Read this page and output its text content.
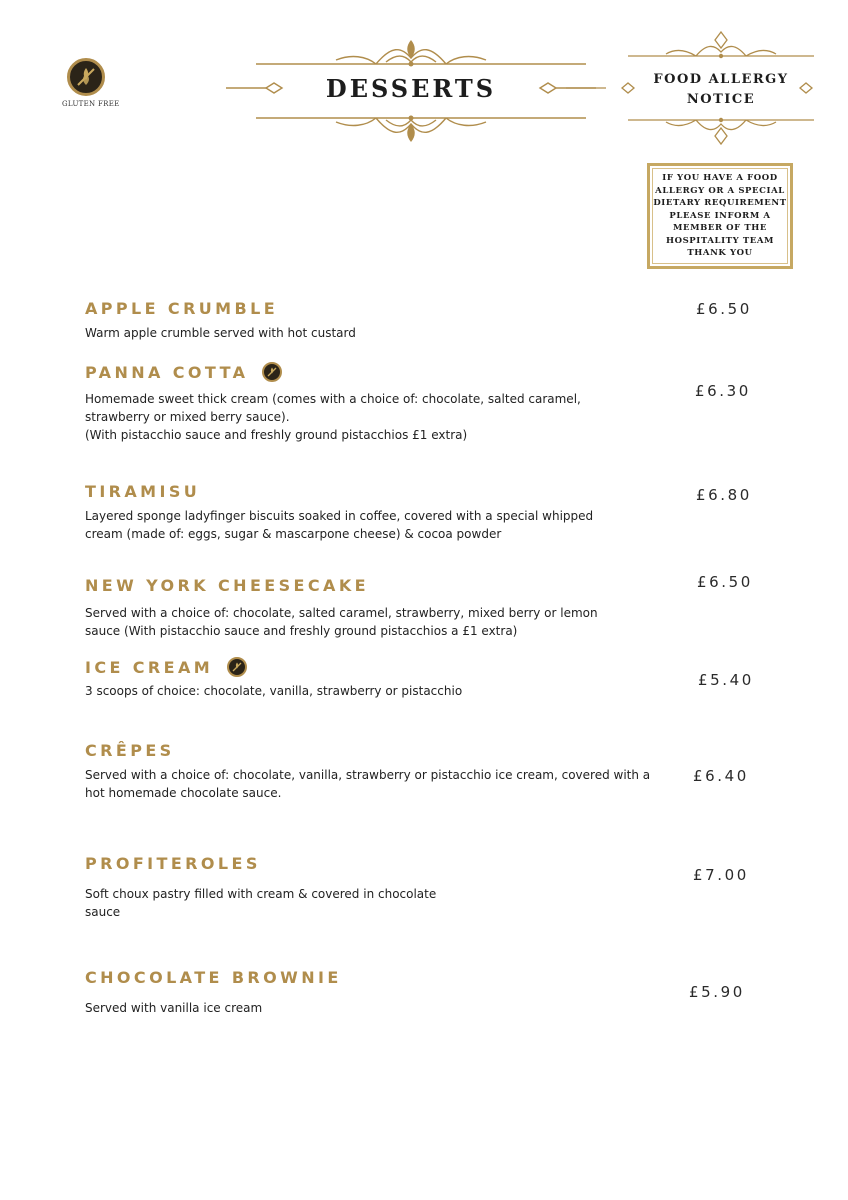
GLUTEN FREE
DESSERTS	FOOD ALLERGY
NOTICE
IF YOU HAVE A FOOD
ALLERGY OR A SPECIAL
DIETARY REQUIREMENT
PLEASE INFORM A
MEMBER OF THE
HOSPITALITY TEAM
THANK YOU
APPLE CRUMBLE
Warm apple crumble served with hot custard
£6.50
PANNA COTTA
Homemade sweet thick cream (comes with a choice of: chocolate, salted caramel,
strawberry or mixed berry sauce).
(With pistacchio sauce and freshly ground pistacchios £1 extra)
£6.30
TIRAMISU
Layered sponge ladyfinger biscuits soaked in coffee, covered with a special whipped
cream (made of: eggs, sugar & mascarpone cheese) & cocoa powder
£6.80
NEW YORK CHEESECAKE
Served with a choice of: chocolate, salted caramel, strawberry, mixed berry or lemon
sauce (With pistacchio sauce and freshly ground pistacchios a £1 extra)
£6.50
ICE CREAM
3 scoops of choice: chocolate, vanilla, strawberry or pistacchio
£5.40
CRÊPES
Served with a choice of: chocolate, vanilla, strawberry or pistacchio ice cream, covered with a
hot homemade chocolate sauce.
£6.40
PROFITEROLES
Soft choux pastry filled with cream & covered in chocolate
sauce
£7.00
CHOCOLATE BROWNIE
Served with vanilla ice cream
£5.90
